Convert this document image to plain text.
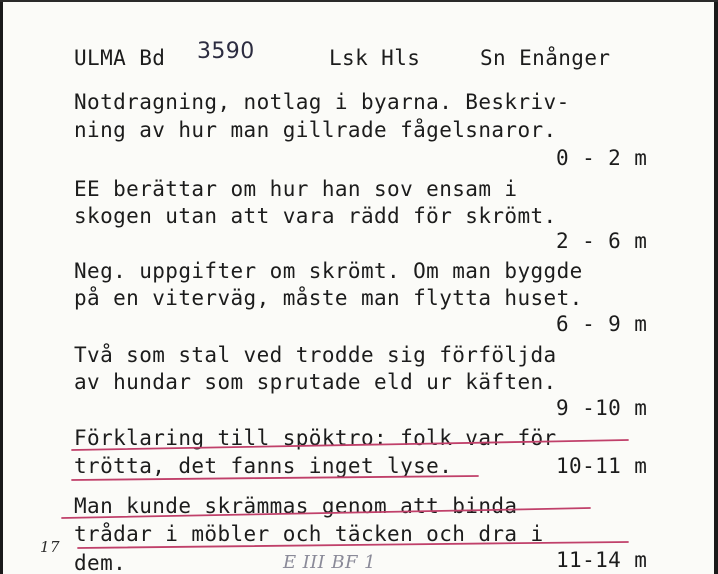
ULMA Bd 3590	Lsk Hls	Sn Enånger
Notdragning, notlag i byarna. Beskriv-
ning av hur man gillrade fågelsnaror.
0 - 2 m
EE berättar om hur han sov ensam i
skogen utan att vara rädd för skrömt.
2 - 6 m
Neg. uppgifter om skrömt. Om man byggde
på en viterväg, måste man flytta huset.
6 - 9 m
Två som stal ved trodde sig förföljda
av hundar som sprutade eld ur käften.
9 -10 m
Förklaring till spöktro: folk var för
trötta, det fanns inget lyse.	10-11 m
Man kunde skrämmas genom att binda
trådar i möbler och täcken och dra i
dem.	11-14 m
17
E III BF 1
